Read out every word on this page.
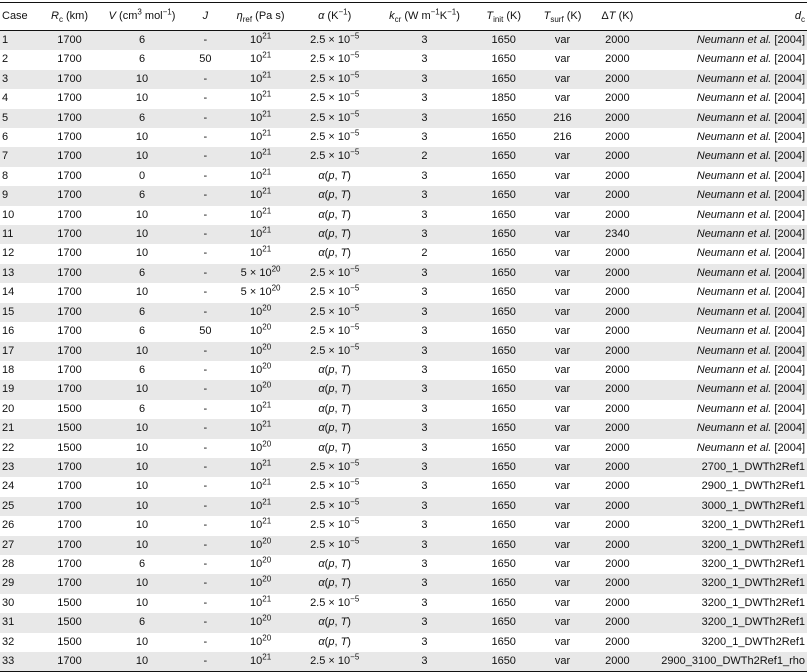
Case	$R_c$ (km)	V ($cm^3$ mol$^{-1}$)	J	$\eta_{ref}$ (Pa s)	α $(K^{-1})$	$k_{cr}$ (W $m^{-1}K^{-1}$)	$T_{init}$ (K)	$T_{surf}$ (K)	ΔT (K)	$d_c$
1	1700	6	-	$10^{21}$	$2.5 \times 10^{-5}$	3	1650	var	2000	Neumann et al. [2004]
2	1700	6	50	$10^{21}$	$2.5 \times 10^{-5}$	3	1650	var	2000	Neumann et al. [2004]
3	1700	10	-	$10^{21}$	$2.5 \times 10^{-5}$	3	1650	var	2000	Neumann et al. [2004]
4	1700	10	-	$10^{21}$	$2.5 \times 10^{-5}$	3	1850	var	2000	Neumann et al. [2004]
5	1700	6	-	$10^{21}$	$2.5 \times 10^{-5}$	3	1650	216	2000	Neumann et al. [2004]
6	1700	10	-	$10^{21}$	$2.5 \times 10^{-5}$	3	1650	216	2000	Neumann et al. [2004]
7	1700	10	-	$10^{21}$	$2.5 \times 10^{-5}$	2	1650	var	2000	Neumann et al. [2004]
8	1700	0	-	$10^{21}$	α(p, T)	3	1650	var	2000	Neumann et al. [2004]
9	1700	6	-	$10^{21}$	α(p, T)	3	1650	var	2000	Neumann et al. [2004]
10	1700	10	-	$10^{21}$	α(p, T)	3	1650	var	2000	Neumann et al. [2004]
11	1700	10	-	$10^{21}$	α(p, T)	3	1650	var	2340	Neumann et al. [2004]
12	1700	10	-	$10^{21}$	α(p, T)	2	1650	var	2000	Neumann et al. [2004]
13	1700	6	-	$5 \times 10^{20}$	$2.5 \times 10^{-5}$	3	1650	var	2000	Neumann et al. [2004]
14	1700	10	-	$5 \times 10^{20}$	$2.5 \times 10^{-5}$	3	1650	var	2000	Neumann et al. [2004]
15	1700	6	-	$10^{20}$	$2.5 \times 10^{-5}$	3	1650	var	2000	Neumann et al. [2004]
16	1700	6	50	$10^{20}$	$2.5 \times 10^{-5}$	3	1650	var	2000	Neumann et al. [2004]
17	1700	10	-	$10^{20}$	$2.5 \times 10^{-5}$	3	1650	var	2000	Neumann et al. [2004]
18	1700	6	-	$10^{20}$	α(p, T)	3	1650	var	2000	Neumann et al. [2004]
19	1700	10	-	$10^{20}$	α(p, T)	3	1650	var	2000	Neumann et al. [2004]
20	1500	6	-	$10^{21}$	α(p, T)	3	1650	var	2000	Neumann et al. [2004]
21	1500	10	-	$10^{21}$	α(p, T)	3	1650	var	2000	Neumann et al. [2004]
22	1500	10	-	$10^{20}$	α(p, T)	3	1650	var	2000	Neumann et al. [2004]
23	1700	10	-	$10^{21}$	$2.5 \times 10^{-5}$	3	1650	var	2000	2700_1_DWTh2Ref1
24	1700	10	-	$10^{21}$	$2.5 \times 10^{-5}$	3	1650	var	2000	2900_1_DWTh2Ref1
25	1700	10	-	$10^{21}$	$2.5 \times 10^{-5}$	3	1650	var	2000	3000_1_DWTh2Ref1
26	1700	10	-	$10^{21}$	$2.5 \times 10^{-5}$	3	1650	var	2000	3200_1_DWTh2Ref1
27	1700	10	-	$10^{20}$	$2.5 \times 10^{-5}$	3	1650	var	2000	3200_1_DWTh2Ref1
28	1700	6	-	$10^{20}$	α(p, T)	3	1650	var	2000	3200_1_DWTh2Ref1
29	1700	10	-	$10^{20}$	α(p, T)	3	1650	var	2000	3200_1_DWTh2Ref1
30	1500	10	-	$10^{21}$	$2.5 \times 10^{-5}$	3	1650	var	2000	3200_1_DWTh2Ref1
31	1500	6	-	$10^{20}$	α(p, T)	3	1650	var	2000	3200_1_DWTh2Ref1
32	1500	10	-	$10^{20}$	α(p, T)	3	1650	var	2000	3200_1_DWTh2Ref1
33	1700	10	-	$10^{21}$	$2.5 \times 10^{-5}$	3	1650	var	2000	2900_3100_DWTh2Ref1_rho
